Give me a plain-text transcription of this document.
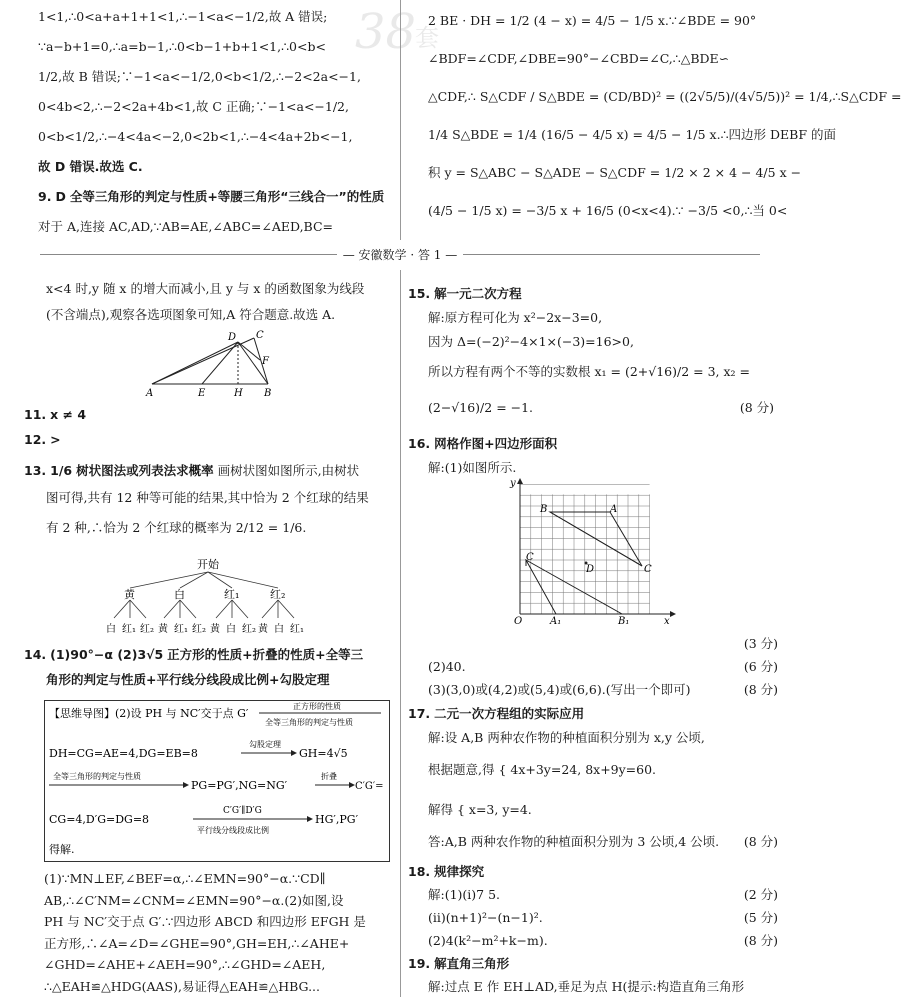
38
套

1<1,∴0<a+a+1+1<1,∴−1<a<−1/2,故 A 错误;

∵a−b+1=0,∴a=b−1,∴0<b−1+b+1<1,∴0<b<

1/2,故 B 错误;∵−1<a<−1/2,0<b<1/2,∴−2<2a<−1,

0<4b<2,∴−2<2a+4b<1,故 C 正确;∵−1<a<−1/2,

0<b<1/2,∴−4<4a<−2,0<2b<1,∴−4<4a+2b<−1,

故 D 错误.故选 C.

9. D 全等三角形的判定与性质+等腰三角形“三线合一”的性质

对于 A,连接 AC,AD,∵AB=AE,∠ABC=∠AED,BC=

2 BE · DH = 1/2 (4 − x) = 4/5 − 1/5 x.∵∠BDE = 90°

∠BDF=∠CDF,∠DBE=90°−∠CBD=∠C,∴△BDE∽

△CDF,∴ S△CDF / S△BDE = (CD/BD)² = ((2√5/5)/(4√5/5))² = 1/4,∴S△CDF =

1/4 S△BDE = 1/4 (16/5 − 4/5 x) = 4/5 − 1/5 x.∴四边形 DEBF 的面

积 y = S△ABC − S△ADE − S△CDF = 1/2 × 2 × 4 − 4/5 x −

(4/5 − 1/5 x) = −3/5 x + 16/5 (0<x<4).∵ −3/5 <0,∴当 0<

— 安徽数学 · 答 1 —

x<4 时,y 随 x 的增大而减小,且 y 与 x 的函数图象为线段

(不含端点),观察各选项图象可知,A 符合题意.故选 A.

D C
F
A	E	H B

11. x ≠ 4

12. >

13. 1/6 树状图法或列表法求概率 画树状图如图所示,由树状

图可得,共有 12 种等可能的结果,其中恰为 2 个红球的结果

有 2 种,∴恰为 2 个红球的概率为 2/12 = 1/6.

开始
黄	白	红₁	红₂
白 红₁ 红₂ 黄 红₁ 红₂ 黄 白 红₂ 黄 白 红₁

14. (1)90°−α (2)3√5 正方形的性质+折叠的性质+全等三

角形的判定与性质+平行线分线段成比例+勾股定理

【思维导图】(2)设 PH 与 NC′交于点 G′
正方形的性质
全等三角形的判定与性质
DH=CG=AE=4,DG=EB=8
勾股定理
GH=4√5
全等三角形的判定与性质
PG=PG′,NG=NG′
折叠
C′G′=
CG=4,D′G=DG=8
C′G′∥D′G
平行线分线段成比例
HG′,PG′
得解.

(1)∵MN⊥EF,∠BEF=α,∴∠EMN=90°−α.∵CD∥

AB,∴∠C′NM=∠CNM=∠EMN=90°−α.(2)如图,设

PH 与 NC′交于点 G′.∵四边形 ABCD 和四边形 EFGH 是

正方形,∴∠A=∠D=∠GHE=90°,GH=EH,∴∠AHE+

∠GHD=∠AHE+∠AEH=90°,∴∠GHD=∠AEH,

∴△EAH≌△HDG(AAS),易证得△EAH≌△HBG...

15. 解一元二次方程

解:原方程可化为 x²−2x−3=0,

因为 Δ=(−2)²−4×1×(−3)=16>0,

所以方程有两个不等的实数根 x₁ = (2+√16)/2 = 3, x₂ =

(2−√16)/2 = −1.	(8 分)

16. 网格作图+四边形面积

解:(1)如图所示.

x
y
O	A₁	B₁
B	A
C
D	C

(3 分)

(2)40.	(6 分)

(3)(3,0)或(4,2)或(5,4)或(6,6).(写出一个即可)	(8 分)

17. 二元一次方程组的实际应用

解:设 A,B 两种农作物的种植面积分别为 x,y 公顷,

根据题意,得 { 4x+3y=24, 8x+9y=60.

解得 { x=3, y=4.

答:A,B 两种农作物的种植面积分别为 3 公顷,4 公顷. (8 分)

18. 规律探究

解:(1)(ⅰ)7 5.	(2 分)

(ⅱ)(n+1)²−(n−1)².	(5 分)

(2)4(k²−m²+k−m).	(8 分)

19. 解直角三角形

解:过点 E 作 EH⊥AD,垂足为点 H(提示:构造直角三角形
